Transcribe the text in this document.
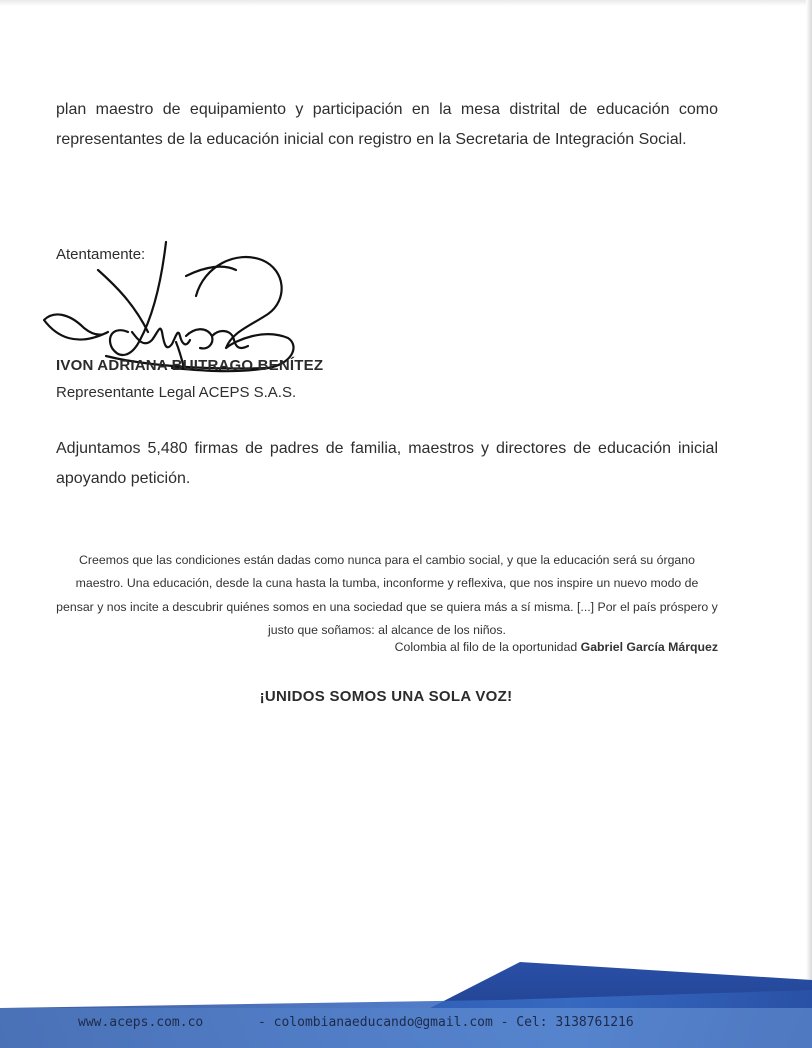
plan maestro de equipamiento y participación en la mesa distrital de educación como representantes de la educación inicial con registro en la Secretaria de Integración Social.
Atentamente:
IVON ADRIANA BUITRAGO BENÍTEZ
Representante Legal ACEPS S.A.S.
Adjuntamos 5,480 firmas de padres de familia, maestros y directores de educación inicial apoyando petición.
Creemos que las condiciones están dadas como nunca para el cambio social, y que la educación será su órgano maestro. Una educación, desde la cuna hasta la tumba, inconforme y reflexiva, que nos inspire un nuevo modo de pensar y nos incite a descubrir quiénes somos en una sociedad que se quiera más a sí misma. [...] Por el país próspero y justo que soñamos: al alcance de los niños.
Colombia al filo de la oportunidad Gabriel García Márquez
¡UNIDOS SOMOS UNA SOLA VOZ!
www.aceps.com.co	- colombianaeducando@gmail.com - Cel: 3138761216
